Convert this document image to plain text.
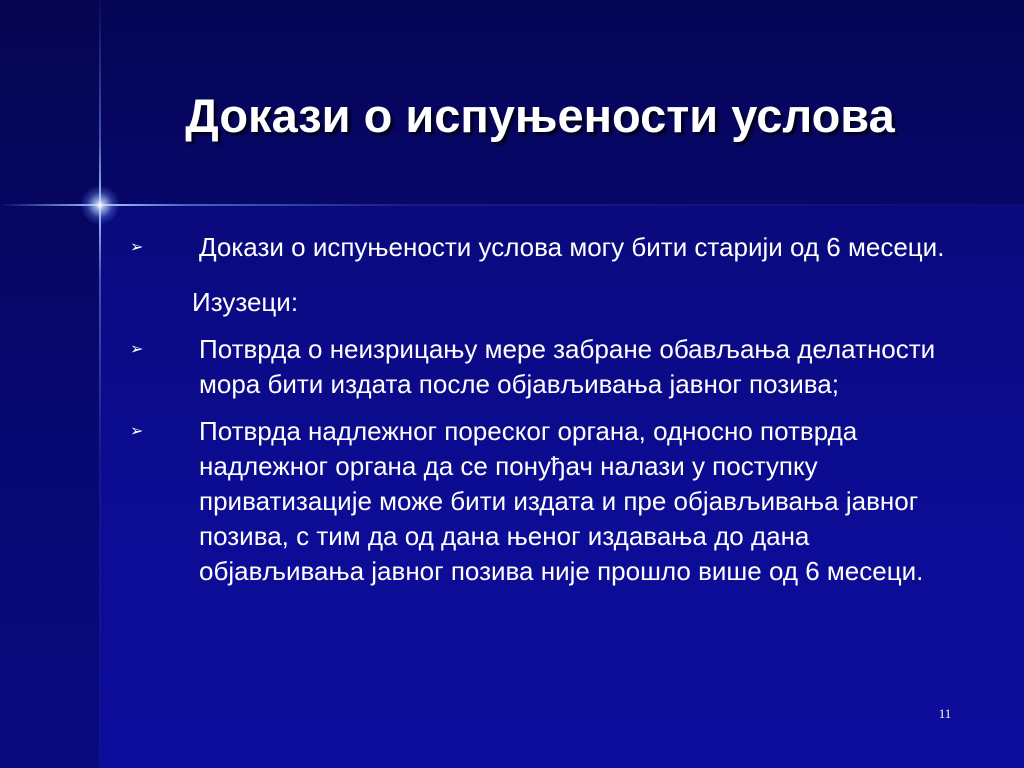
Докази о испуњености услова
➢ Докази о испуњености услова могу бити старији од 6 месеци.
Изузеци:
➢ Потврда о неизрицању мере забране обављања делатности мора бити издата после објављивања јавног позива;
➢ Потврда надлежног пореског органа, односно потврда надлежног органа да се понуђач налази у поступку приватизације може бити издата и пре објављивања јавног позива, с тим да од дана њеног издавања до дана објављивања јавног позива није прошло више од 6 месеци.
11
